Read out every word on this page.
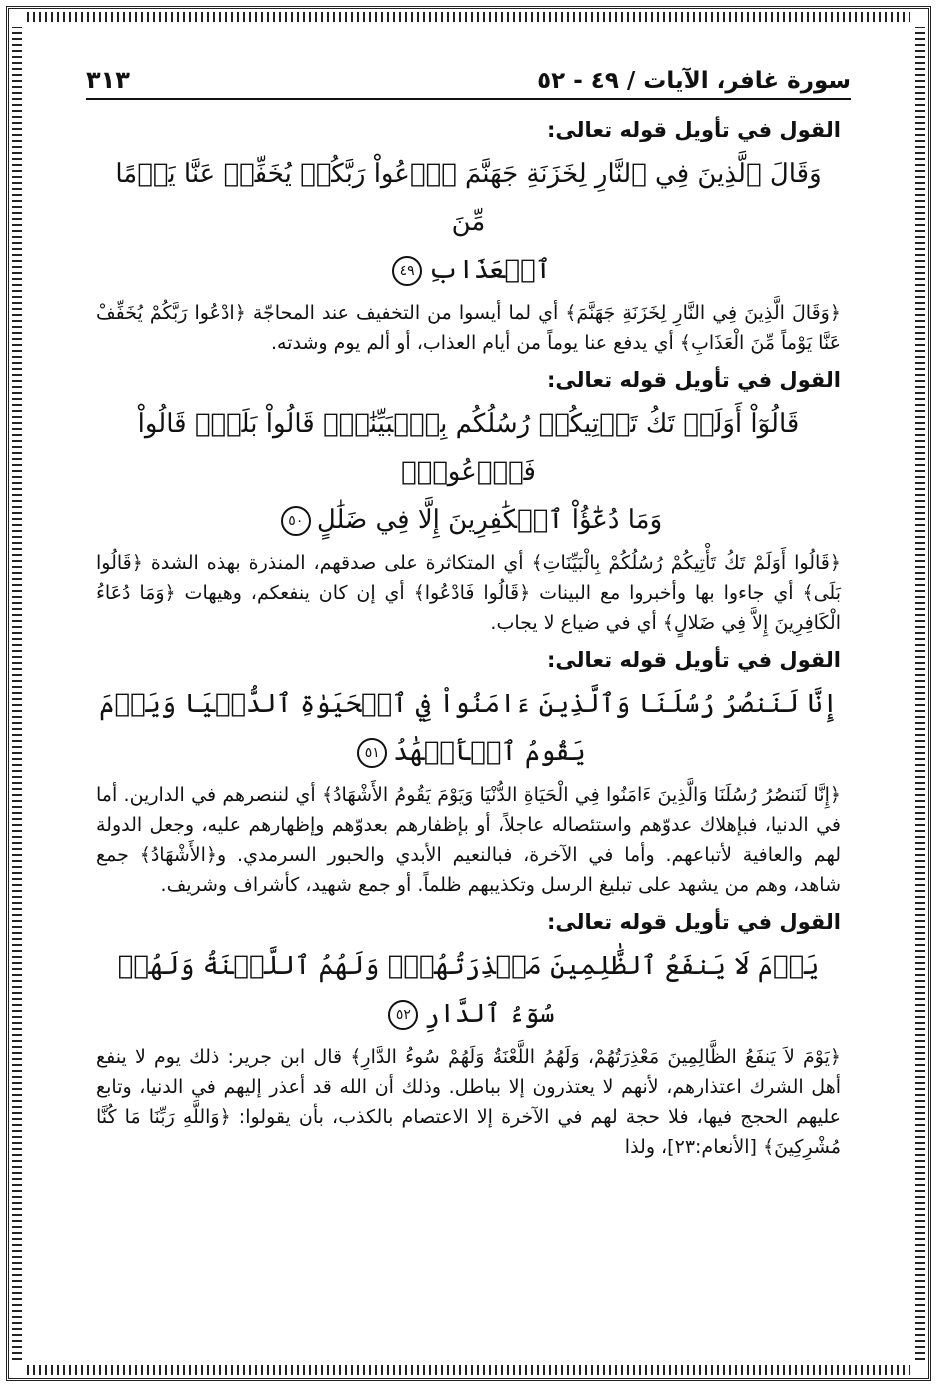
سورة غافر، الآيات / ٤٩ - ٥٢
٣١٣
القول في تأويل قوله تعالى:
وَقَالَ ٱلَّذِينَ فِي ٱلنَّارِ لِخَزَنَةِ جَهَنَّمَ ٱدۡعُواْ رَبَّكُمۡ يُخَفِّفۡ عَنَّا يَوۡمًا مِّنَ
ٱلۡعَذَابِ٤٩

﴿وَقَالَ الَّذِينَ فِي النَّارِ لِخَزَنَةِ جَهَنَّمَ﴾ أي لما أيسوا من التخفيف عند المحاجّة ﴿ادْعُوا رَبَّكُمْ يُخَفِّفْ عَنَّا يَوْماً مِّنَ الْعَذَابِ﴾ أي يدفع عنا يوماً من أيام العذاب، أو ألم يوم وشدته.

القول في تأويل قوله تعالى:
قَالُوٓاْ أَوَلَمۡ تَكُ تَأۡتِيكُمۡ رُسُلُكُم بِٱلۡبَيِّنَٰتِۖ قَالُواْ بَلَىٰۚ قَالُواْ فَٱدۡعُواْۗ
وَمَا دُعَٰٓؤُاْ ٱلۡكَٰفِرِينَ إِلَّا فِي ضَلَٰلٍ٥٠

﴿قَالُوا أَوَلَمْ تَكُ تَأْتِيكُمْ رُسُلُكُمْ بِالْبَيِّنَاتِ﴾ أي المتكاثرة على صدقهم، المنذرة بهذه الشدة ﴿قَالُوا بَلَى﴾ أي جاءوا بها وأخبروا مع البينات ﴿قَالُوا فَادْعُوا﴾ أي إن كان ينفعكم، وهيهات ﴿وَمَا دُعَاءُ الْكَافِرِينَ إِلاَّ فِي ضَلالٍ﴾ أي في ضياع لا يجاب.

القول في تأويل قوله تعالى:
إِنَّا لَنَنصُرُ رُسُلَنَا وَٱلَّذِينَ ءَامَنُواْ فِي ٱلۡحَيَوٰةِ ٱلدُّنۡيَا وَيَوۡمَ يَقُومُ ٱلۡأَشۡهَٰدُ٥١

﴿إِنَّا لَنَنصُرُ رُسُلَنَا وَالَّذِينَ ءَامَنُوا فِي الْحَيَاةِ الدُّنْيَا وَيَوْمَ يَقُومُ الأَشْهَادُ﴾ أي لننصرهم في الدارين. أما في الدنيا، فبإهلاك عدوّهم واستئصاله عاجلاً، أو بإظفارهم بعدوّهم وإظهارهم عليه، وجعل الدولة لهم والعافية لأتباعهم. وأما في الآخرة، فبالنعيم الأبدي والحبور السرمدي. و﴿الأَشْهَادُ﴾ جمع شاهد، وهم من يشهد على تبليغ الرسل وتكذيبهم ظلماً. أو جمع شهيد، كأشراف وشريف.

القول في تأويل قوله تعالى:
يَوۡمَ لَا يَنفَعُ ٱلظَّٰلِمِينَ مَعۡذِرَتُهُمۡۖ وَلَهُمُ ٱللَّعۡنَةُ وَلَهُمۡ سُوٓءُ ٱلدَّارِ٥٢

﴿يَوْمَ لاَ يَنفَعُ الظَّالِمِينَ مَعْذِرَتُهُمْ، وَلَهُمُ اللَّعْنَةُ وَلَهُمْ سُوءُ الدَّارِ﴾ قال ابن جرير: ذلك يوم لا ينفع أهل الشرك اعتذارهم، لأنهم لا يعتذرون إلا بباطل. وذلك أن الله قد أعذر إليهم في الدنيا، وتابع عليهم الحجج فيها، فلا حجة لهم في الآخرة إلا الاعتصام بالكذب، بأن يقولوا: ﴿وَاللَّهِ رَبِّنَا مَا كُنَّا مُشْرِكِينَ﴾ [الأنعام:٢٣]، ولذا
